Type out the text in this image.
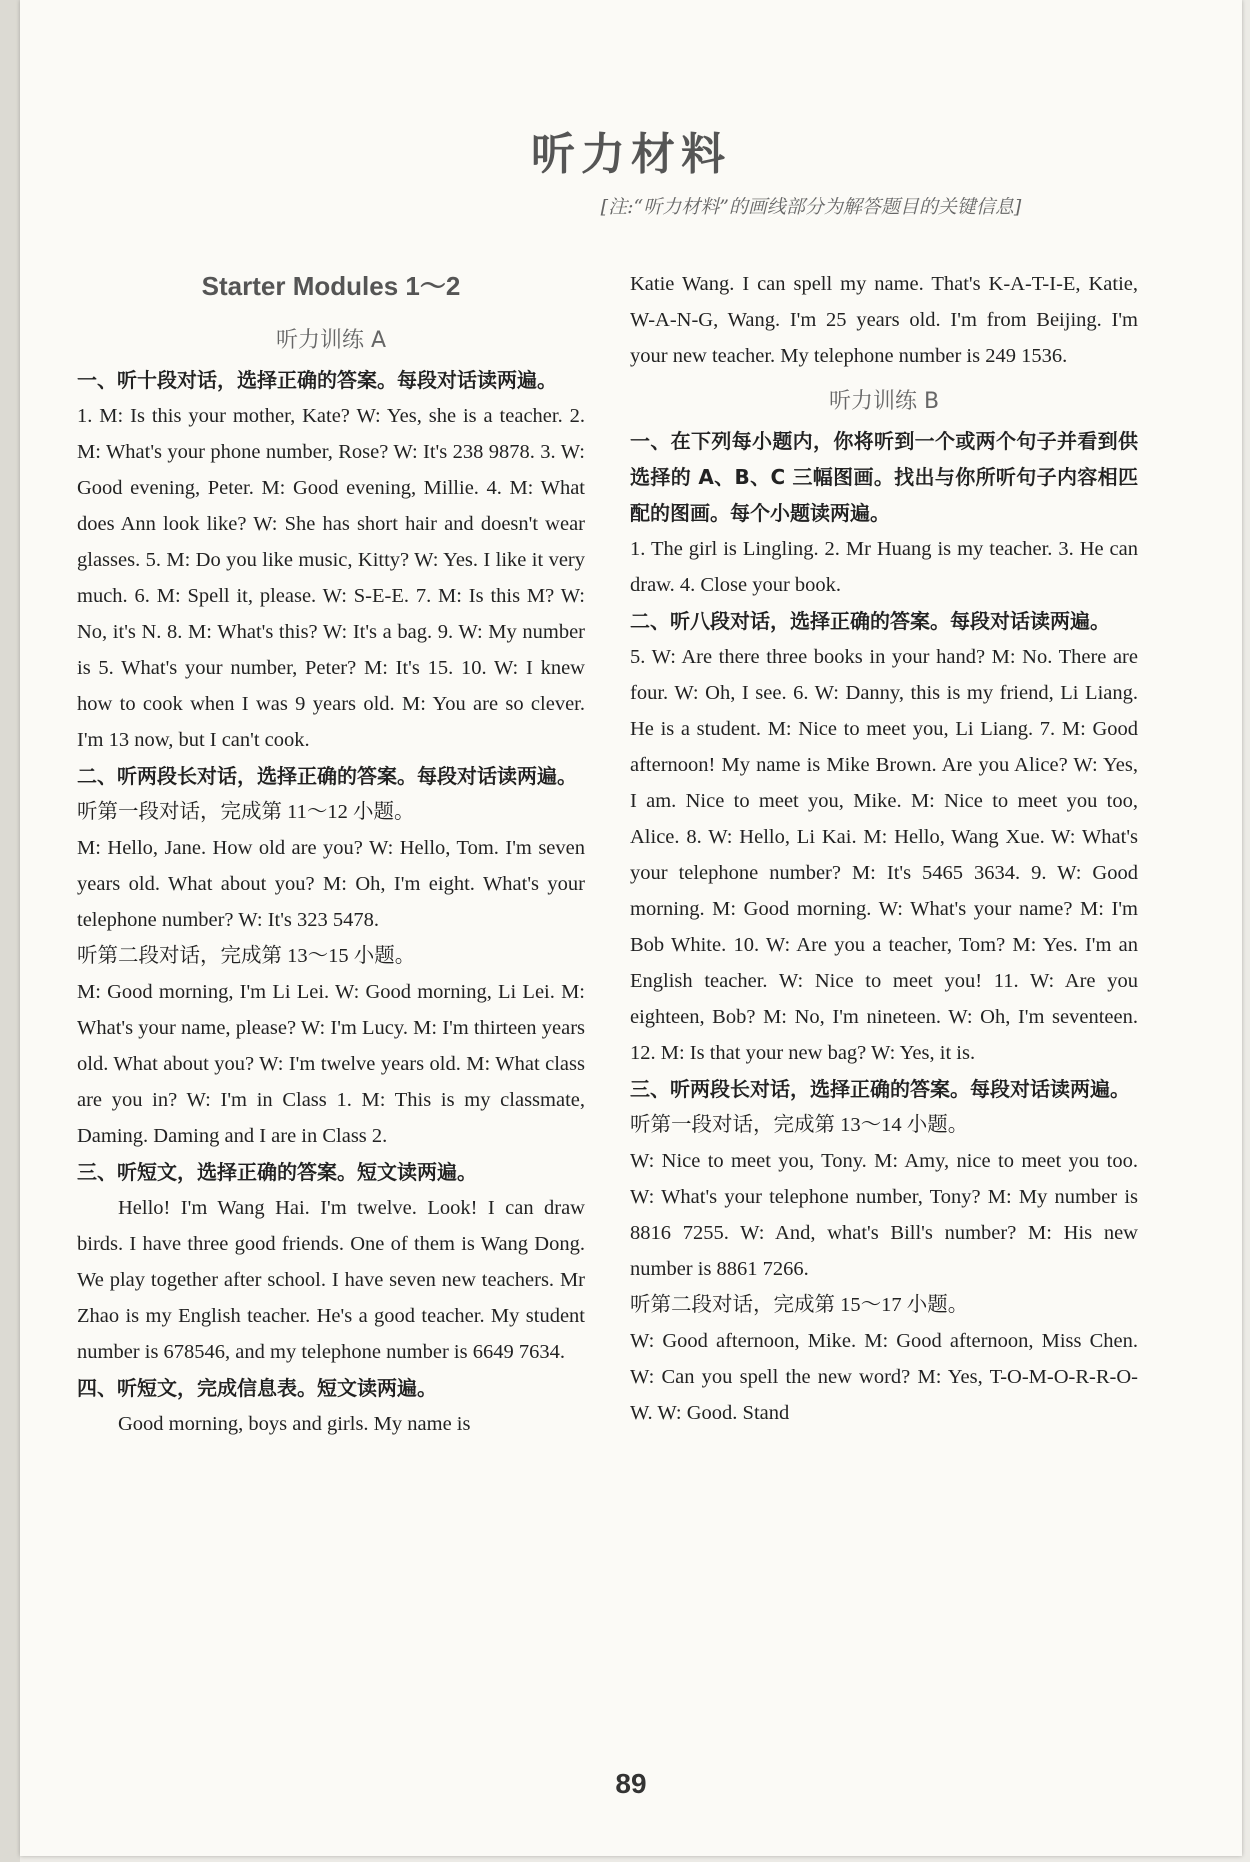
听力材料
[注:“听力材料”的画线部分为解答题目的关键信息]
Starter Modules 1～2
听力训练 A
一、听十段对话，选择正确的答案。每段对话读两遍。
1. M: Is this your mother, Kate? W: Yes, she is a teacher. 2. M: What's your phone number, Rose? W: It's 238 9878. 3. W: Good evening, Peter. M: Good evening, Millie. 4. M: What does Ann look like? W: She has short hair and doesn't wear glasses. 5. M: Do you like music, Kitty? W: Yes. I like it very much. 6. M: Spell it, please. W: S-E-E. 7. M: Is this M? W: No, it's N. 8. M: What's this? W: It's a bag. 9. W: My number is 5. What's your number, Peter? M: It's 15. 10. W: I knew how to cook when I was 9 years old. M: You are so clever. I'm 13 now, but I can't cook.
二、听两段长对话，选择正确的答案。每段对话读两遍。
听第一段对话，完成第 11～12 小题。
M: Hello, Jane. How old are you? W: Hello, Tom. I'm seven years old. What about you? M: Oh, I'm eight. What's your telephone number? W: It's 323 5478.
听第二段对话，完成第 13～15 小题。
M: Good morning, I'm Li Lei. W: Good morning, Li Lei. M: What's your name, please? W: I'm Lucy. M: I'm thirteen years old. What about you? W: I'm twelve years old. M: What class are you in? W: I'm in Class 1. M: This is my classmate, Daming. Daming and I are in Class 2.
三、听短文，选择正确的答案。短文读两遍。
Hello! I'm Wang Hai. I'm twelve. Look! I can draw birds. I have three good friends. One of them is Wang Dong. We play together after school. I have seven new teachers. Mr Zhao is my English teacher. He's a good teacher. My student number is 678546, and my telephone number is 6649 7634.
四、听短文，完成信息表。短文读两遍。
Good morning, boys and girls. My name is
Katie Wang. I can spell my name. That's K-A-T-I-E, Katie, W-A-N-G, Wang. I'm 25 years old. I'm from Beijing. I'm your new teacher. My telephone number is 249 1536.
听力训练 B
一、在下列每小题内，你将听到一个或两个句子并看到供选择的 A、B、C 三幅图画。找出与你所听句子内容相匹配的图画。每个小题读两遍。
1. The girl is Lingling. 2. Mr Huang is my teacher. 3. He can draw. 4. Close your book.
二、听八段对话，选择正确的答案。每段对话读两遍。
5. W: Are there three books in your hand? M: No. There are four. W: Oh, I see. 6. W: Danny, this is my friend, Li Liang. He is a student. M: Nice to meet you, Li Liang. 7. M: Good afternoon! My name is Mike Brown. Are you Alice? W: Yes, I am. Nice to meet you, Mike. M: Nice to meet you too, Alice. 8. W: Hello, Li Kai. M: Hello, Wang Xue. W: What's your telephone number? M: It's 5465 3634. 9. W: Good morning. M: Good morning. W: What's your name? M: I'm Bob White. 10. W: Are you a teacher, Tom? M: Yes. I'm an English teacher. W: Nice to meet you! 11. W: Are you eighteen, Bob? M: No, I'm nineteen. W: Oh, I'm seventeen. 12. M: Is that your new bag? W: Yes, it is.
三、听两段长对话，选择正确的答案。每段对话读两遍。
听第一段对话，完成第 13～14 小题。
W: Nice to meet you, Tony. M: Amy, nice to meet you too. W: What's your telephone number, Tony? M: My number is 8816 7255. W: And, what's Bill's number? M: His new number is 8861 7266.
听第二段对话，完成第 15～17 小题。
W: Good afternoon, Mike. M: Good afternoon, Miss Chen. W: Can you spell the new word? M: Yes, T-O-M-O-R-R-O-W. W: Good. Stand
89
